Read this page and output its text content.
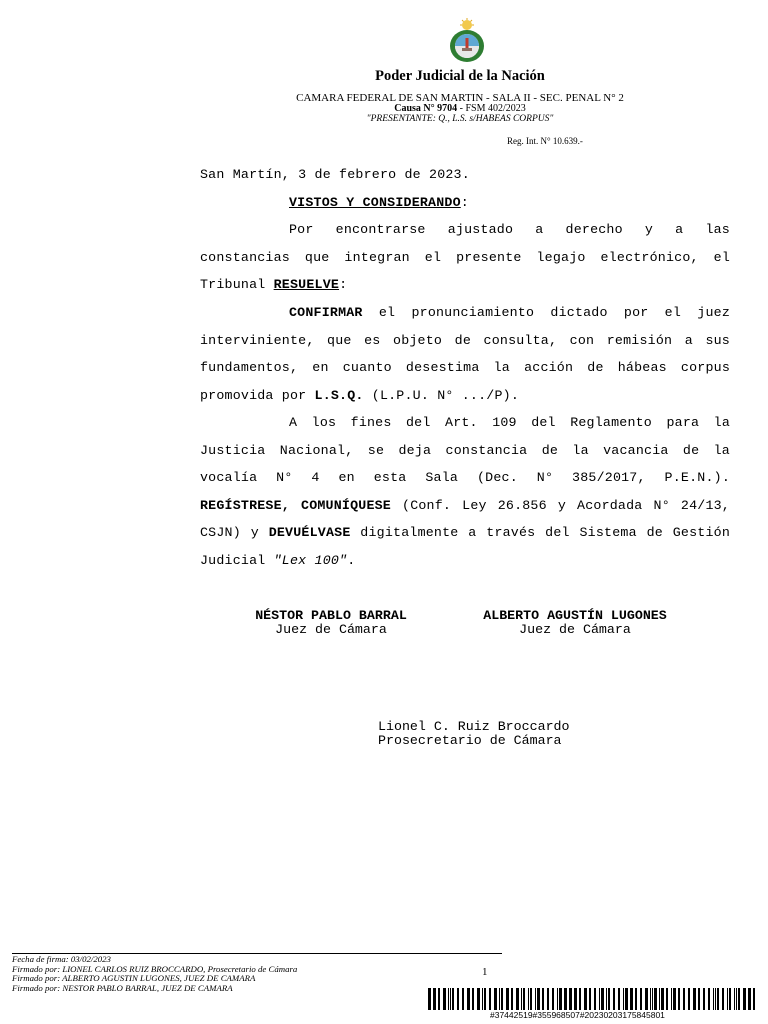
Poder Judicial de la Nación
CAMARA FEDERAL DE SAN MARTIN - SALA II - SEC. PENAL N° 2
Causa N° 9704 - FSM 402/2023
"PRESENTANTE: Q., L.S. s/HABEAS CORPUS"
Reg. Int. N° 10.639.-
San Martín, 3 de febrero de 2023.
VISTOS Y CONSIDERANDO:
Por encontrarse ajustado a derecho y a las constancias que integran el presente legajo electrónico, el Tribunal RESUELVE:
CONFIRMAR el pronunciamiento dictado por el juez interviniente, que es objeto de consulta, con remisión a sus fundamentos, en cuanto desestima la acción de hábeas corpus promovida por L.S.Q. (L.P.U. N° .../P).
A los fines del Art. 109 del Reglamento para la Justicia Nacional, se deja constancia de la vacancia de la vocalía N° 4 en esta Sala (Dec. N° 385/2017, P.E.N.). REGÍSTRESE, COMUNÍQUESE (Conf. Ley 26.856 y Acordada N° 24/13, CSJN) y DEVUÉLVASE digitalmente a través del Sistema de Gestión Judicial "Lex 100".
NÉSTOR PABLO BARRAL
Juez de Cámara
ALBERTO AGUSTÍN LUGONES
Juez de Cámara
Lionel C. Ruiz Broccardo
Prosecretario de Cámara
Fecha de firma: 03/02/2023
Firmado por: LIONEL CARLOS RUIZ BROCCARDO, Prosecretario de Cámara
Firmado por: ALBERTO AGUSTIN LUGONES, JUEZ DE CAMARA
Firmado por: NESTOR PABLO BARRAL, JUEZ DE CAMARA
1
#37442519#355968507#20230203175845801
